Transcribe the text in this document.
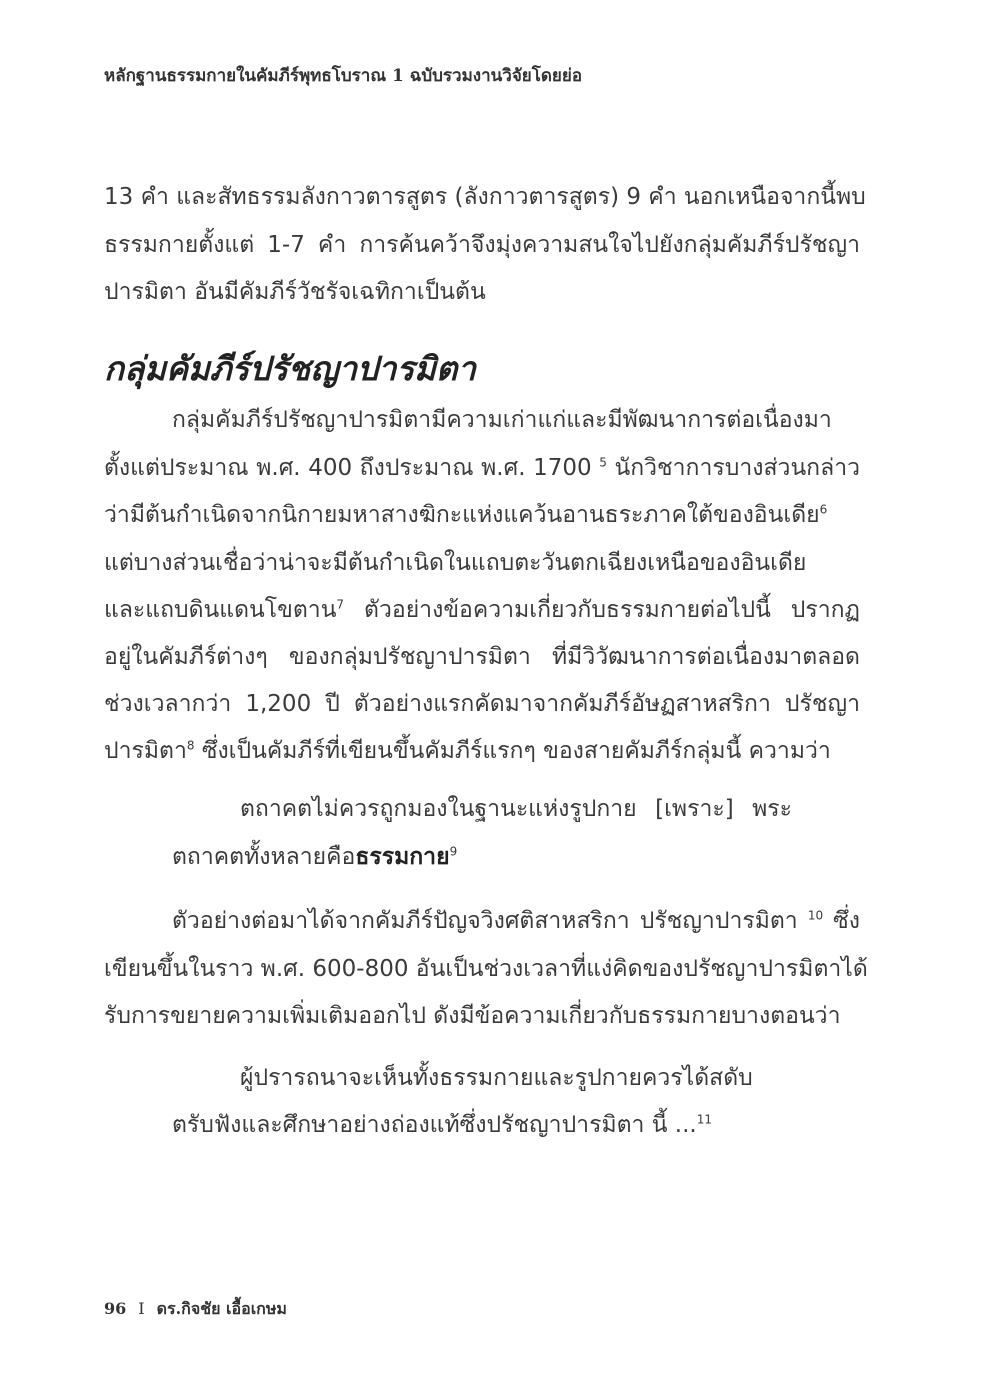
หลักฐานธรรมกายในคัมภีร์พุทธโบราณ 1 ฉบับรวมงานวิจัยโดยย่อ
13 คำ และสัทธรรมลังกาวตารสูตร (ลังกาวตารสูตร) 9 คำ นอกเหนือจากนี้พบ
ธรรมกายตั้งแต่ 1-7 คำ การค้นคว้าจึงมุ่งความสนใจไปยังกลุ่มคัมภีร์ปรัชญา
ปารมิตา อันมีคัมภีร์วัชรัจเฉทิกาเป็นต้น
กลุ่มคัมภีร์ปรัชญาปารมิตา
กลุ่มคัมภีร์ปรัชญาปารมิตามีความเก่าแก่และมีพัฒนาการต่อเนื่องมา
ตั้งแต่ประมาณ พ.ศ. 400 ถึงประมาณ พ.ศ. 1700 $^5$ นักวิชาการบางส่วนกล่าว
ว่ามีต้นกำเนิดจากนิกายมหาสางฆิกะแห่งแคว้นอานธระภาคใต้ของอินเดีย$^6$
แต่บางส่วนเชื่อว่าน่าจะมีต้นกำเนิดในแถบตะวันตกเฉียงเหนือของอินเดีย
และแถบดินแดนโขตาน$^7$ ตัวอย่างข้อความเกี่ยวกับธรรมกายต่อไปนี้ ปรากฏ
อยู่ในคัมภีร์ต่างๆ ของกลุ่มปรัชญาปารมิตา ที่มีวิวัฒนาการต่อเนื่องมาตลอด
ช่วงเวลากว่า 1,200 ปี ตัวอย่างแรกคัดมาจากคัมภีร์อัษฏสาหสริกา ปรัชญา
ปารมิตา$^8$ ซึ่งเป็นคัมภีร์ที่เขียนขึ้นคัมภีร์แรกๆ ของสายคัมภีร์กลุ่มนี้ ความว่า
ตถาคตไม่ควรถูกมองในฐานะแห่งรูปกาย [เพราะ] พระ
ตถาคตทั้งหลายคือธรรมกาย$^9$
ตัวอย่างต่อมาได้จากคัมภีร์ปัญจวิงศติสาหสริกา ปรัชญาปารมิตา $^{10}$ ซึ่ง
เขียนขึ้นในราว พ.ศ. 600-800 อันเป็นช่วงเวลาที่แง่คิดของปรัชญาปารมิตาได้
รับการขยายความเพิ่มเติมออกไป ดังมีข้อความเกี่ยวกับธรรมกายบางตอนว่า
ผู้ปรารถนาจะเห็นทั้งธรรมกายและรูปกายควรได้สดับ
ตรับฟังและศึกษาอย่างถ่องแท้ซึ่งปรัชญาปารมิตา นี้ ...$^{11}$
96 I ดร.กิจชัย เอื้อเกษม
